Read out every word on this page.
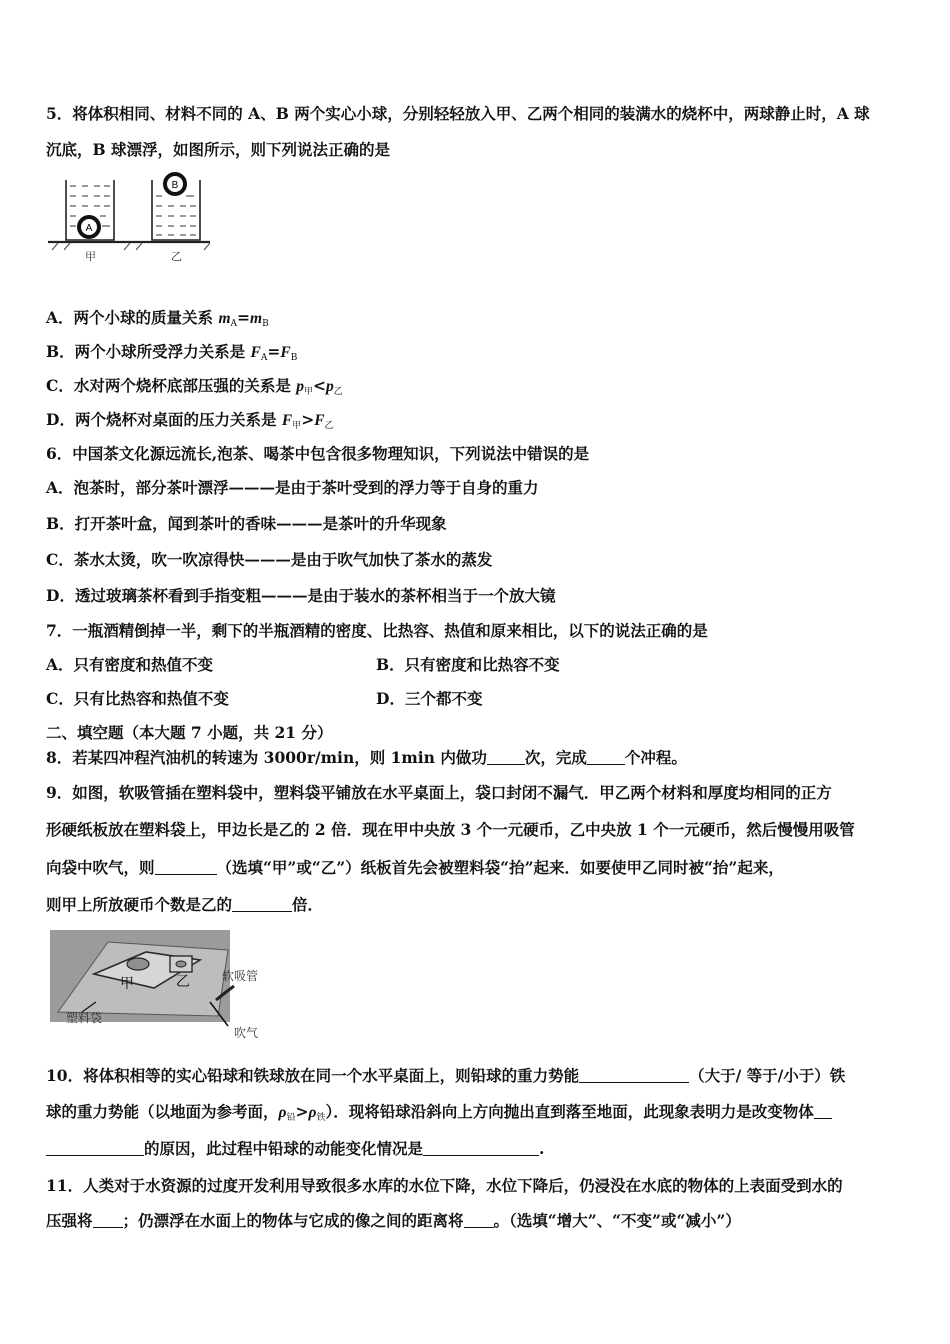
5．将体积相同、材料不同的 A、B 两个实心小球，分别轻轻放入甲、乙两个相同的装满水的烧杯中，两球静止时，A 球
沉底，B 球漂浮，如图所示，则下列说法正确的是
A
B
甲	乙
A．两个小球的质量关系 $m_A=m_B$
B．两个小球所受浮力关系是 $F_A=F_B$
C．水对两个烧杯底部压强的关系是 $p_甲<p_乙$
D．两个烧杯对桌面的压力关系是 $F_甲>F_乙$
6．中国茶文化源远流长,泡茶、喝茶中包含很多物理知识，下列说法中错误的是
A．泡茶时，部分茶叶漂浮———是由于茶叶受到的浮力等于自身的重力
B．打开茶叶盒，闻到茶叶的香味———是茶叶的升华现象
C．茶水太烫，吹一吹凉得快———是由于吹气加快了茶水的蒸发
D．透过玻璃茶杯看到手指变粗———是由于装水的茶杯相当于一个放大镜
7．一瓶酒精倒掉一半，剩下的半瓶酒精的密度、比热容、热值和原来相比，以下的说法正确的是
A．只有密度和热值不变	B．只有密度和比热容不变
C．只有比热容和热值不变	D．三个都不变
二、填空题（本大题 7 小题，共 21 分）
8．若某四冲程汽油机的转速为 3000r/min，则 1min 内做功 次，完成 个冲程。
9．如图，软吸管插在塑料袋中，塑料袋平铺放在水平桌面上，袋口封闭不漏气．甲乙两个材料和厚度均相同的正方
形硬纸板放在塑料袋上，甲边长是乙的 2 倍．现在甲中央放 3 个一元硬币，乙中央放 1 个一元硬币，然后慢慢用吸管
向袋中吹气，则	（选填“甲”或“乙”）纸板首先会被塑料袋“抬”起来．如要使甲乙同时被“抬”起来，
则甲上所放硬币个数是乙的	倍．
甲	乙	软吸管
塑料袋
吹气
10．将体积相等的实心铅球和铁球放在同一个水平桌面上，则铅球的重力势能	（大于/ 等于/小于）铁
球的重力势能（以地面为参考面，$\rho_铅>\rho_铁$）．现将铅球沿斜向上方向抛出直到落至地面，此现象表明力是改变物体
的原因，此过程中铅球的动能变化情况是	.
11．人类对于水资源的过度开发利用导致很多水库的水位下降，水位下降后，仍浸没在水底的物体的上表面受到水的
压强将 ；仍漂浮在水面上的物体与它成的像之间的距离将 。（选填“增大”、“不变”或“减小”）
